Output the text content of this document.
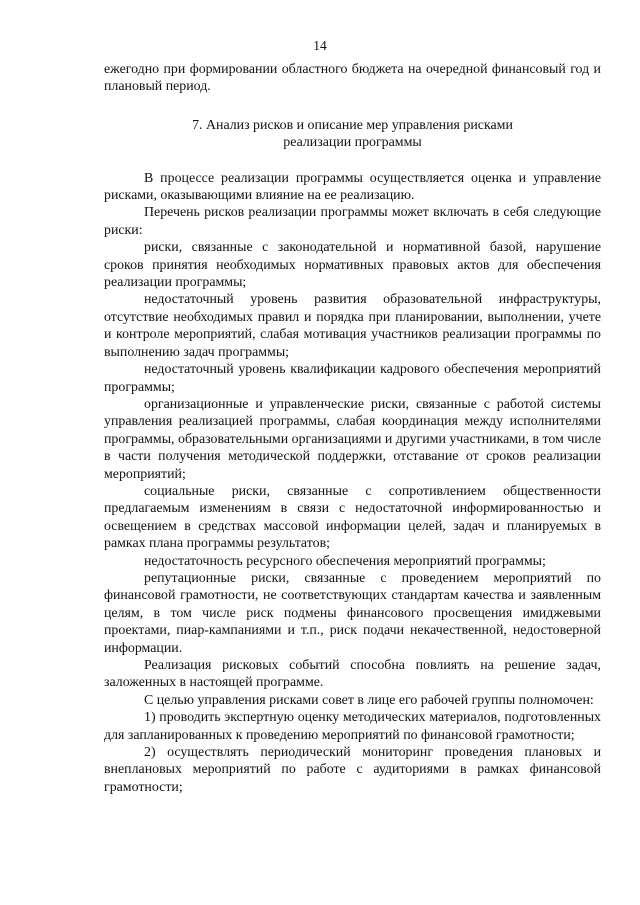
14

ежегодно при формировании областного бюджета на очередной финансовый год и плановый период.

7. Анализ рисков и описание мер управления рисками
реализации программы

В процессе реализации программы осуществляется оценка и управление рисками, оказывающими влияние на ее реализацию.

Перечень рисков реализации программы может включать в себя следующие риски:

риски, связанные с законодательной и нормативной базой, нарушение сроков принятия необходимых нормативных правовых актов для обеспечения реализации программы;

недостаточный уровень развития образовательной инфраструктуры, отсутствие необходимых правил и порядка при планировании, выполнении, учете и контроле мероприятий, слабая мотивация участников реализации программы по выполнению задач программы;

недостаточный уровень квалификации кадрового обеспечения мероприятий программы;

организационные и управленческие риски, связанные с работой системы управления реализацией программы, слабая координация между исполнителями программы, образовательными организациями и другими участниками, в том числе в части получения методической поддержки, отставание от сроков реализации мероприятий;

социальные риски, связанные с сопротивлением общественности предлагаемым изменениям в связи с недостаточной информированностью и освещением в средствах массовой информации целей, задач и планируемых в рамках плана программы результатов;

недостаточность ресурсного обеспечения мероприятий программы;

репутационные риски, связанные с проведением мероприятий по финансовой грамотности, не соответствующих стандартам качества и заявленным целям, в том числе риск подмены финансового просвещения имиджевыми проектами, пиар-кампаниями и т.п., риск подачи некачественной, недостоверной информации.

Реализация рисковых событий способна повлиять на решение задач, заложенных в настоящей программе.

С целью управления рисками совет в лице его рабочей группы полномочен:

1) проводить экспертную оценку методических материалов, подготовленных для запланированных к проведению мероприятий по финансовой грамотности;

2) осуществлять периодический мониторинг проведения плановых и внеплановых мероприятий по работе с аудиториями в рамках финансовой грамотности;
